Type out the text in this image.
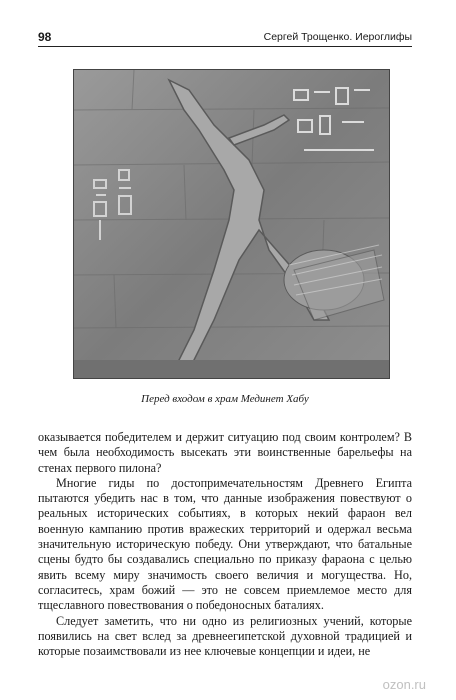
98	Сергей Трощенко. Иероглифы
Перед входом в храм Мединет Хабу

оказывается победителем и держит ситуацию под своим контролем? В чем была необходимость высекать эти воинственные барельефы на стенах первого пилона?

Многие гиды по достопримечательностям Древнего Египта пытаются убедить нас в том, что данные изображения повествуют о реальных исторических событиях, в которых некий фараон вел военную кампанию против вражеских территорий и одержал весьма значительную историческую победу. Они утверждают, что батальные сцены будто бы создавались специально по приказу фараона с целью явить всему миру значимость своего величия и могущества. Но, согласитесь, храм божий — это не совсем приемлемое место для тщеславного повествования о победоносных баталиях.

Следует заметить, что ни одно из религиозных учений, которые появились на свет вслед за древнеегипетской духовной традицией и которые позаимствовали из нее ключевые концепции и идеи, не

ozon.ru
